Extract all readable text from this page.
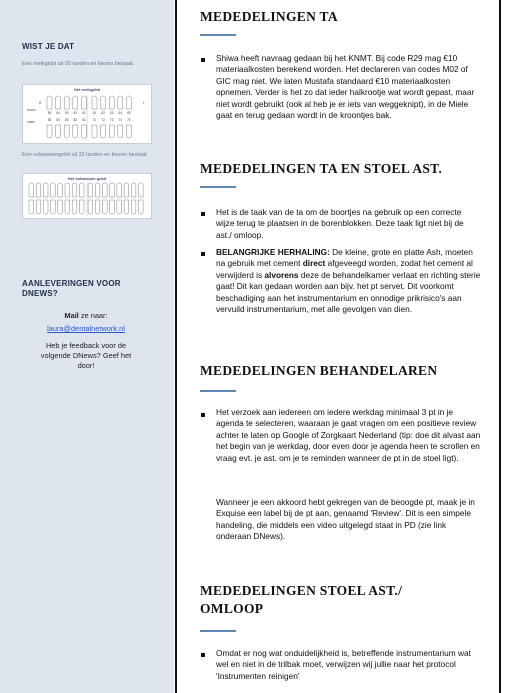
WIST JE DAT
Een melkgebit uit 20 tanden en kiezen bestaat.
Het melkgebit
boven
onder
R	L
55 54 53 52 51 61 62 63 64 65
85 84 83 82 81 71 72 73 74 75
Een volwassengebit uit 32 tanden en kiezen bestaat
Het volwassen gebit
AANLEVERINGEN VOOR DNEWS?
Mail ze naar:
laura@dentalnetwork.nl
Heb je feedback voor de volgende DNews? Geef het door!
MEDEDELINGEN TA
Shiwa heeft navraag gedaan bij het KNMT. Bij code R29 mag €10 materiaalkosten berekend worden. Het declareren van codes M02 of GIC mag niet. We laten Mustafa standaard €10 materiaalkosten opnemen. Verder is het zo dat ieder halkrootje wat wordt gepast, maar niet wordt gebruikt (ook al heb je er iets van weggeknipt), in de Miele gaat en terug gedaan wordt in de kroontjes bak.
MEDEDELINGEN TA EN STOEL AST.
Het is de taak van de ta om de boortjes na gebruik op een correcte wijze terug te plaatsen in de borenblokken. Deze taak ligt niet bij de ast./ omloop.
BELANGRIJKE HERHALING: De kleine, grote en platte Ash, moeten na gebruik met cement direct afgeveegd worden, zodat het cement al verwijderd is alvorens deze de behandelkamer verlaat en richting sterie gaat! Dit kan gedaan worden aan bijv. het pt servet. Dit voorkomt beschadiging aan het instrumentarium en onnodige prikrisico's aan vervuild instrumentarium, met alle gevolgen van dien.
MEDEDELINGEN BEHANDELAREN
Het verzoek aan iedereen om iedere werkdag minimaal 3 pt in je agenda te selecteren, waaraan je gaat vragen om een positieve review achter te laten op Google of Zorgkaart Nederland (tip: doe dit alvast aan het begin van je werkdag, door even door je agenda heen te scrollen en vraag evt. je ast. om je te reminden wanneer de pt in de stoel ligt).
Wanneer je een akkoord hebt gekregen van de beoogde pt, maak je in Exquise een label bij de pt aan, genaamd 'Review'. Dit is een simpele handeling, die middels een video uitgelegd staat in PD (zie link onderaan DNews).
MEDEDELINGEN STOEL AST./
OMLOOP
Omdat er nog wat onduidelijkheid is, betreffende instrumentarium wat wel en niet in de trilbak moet, verwijzen wij jullie naar het protocol 'Instrumenten reinigen'
